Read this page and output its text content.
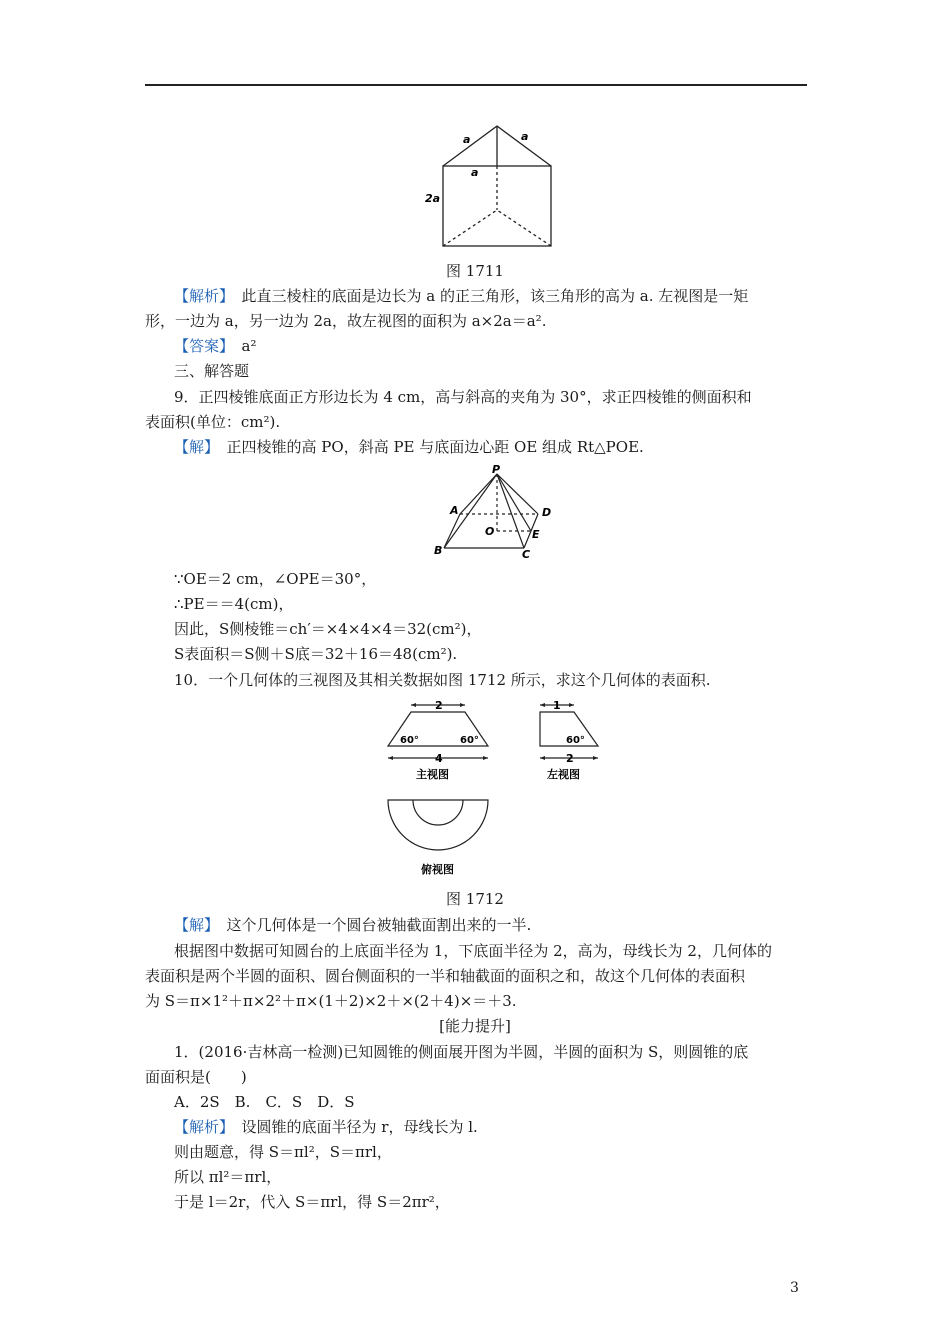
a	a
a
2a
图 1711
【解析】　 此直三棱柱的底面是边长为 a 的正三角形，该三角形的高为 a. 左视图是一矩
形，一边为 a，另一边为 2a，故左视图的面积为 a×2a＝a².
【答案】　 a²
三、解答题
9．正四棱锥底面正方形边长为 4 cm，高与斜高的夹角为 30°，求正四棱锥的侧面积和
表面积(单位：cm²).
【解】　 正四棱锥的高 PO，斜高 PE 与底面边心距 OE 组成 Rt△POE.
P
A	D
O	E
B	C
∵OE＝2 cm，∠OPE＝30°，
∴PE＝＝4(cm)，
因此，S侧棱锥＝ch′＝×4×4×4＝32(cm²)，
S表面积＝S侧＋S底＝32＋16＝48(cm²).
10．一个几何体的三视图及其相关数据如图 1712 所示，求这个几何体的表面积.
2
4
60°	60°
主视图
1
2
60°
左视图
俯视图
图 1712
【解】　 这个几何体是一个圆台被轴截面割出来的一半.
根据图中数据可知圆台的上底面半径为 1，下底面半径为 2，高为，母线长为 2，几何体的
表面积是两个半圆的面积、圆台侧面积的一半和轴截面的面积之和，故这个几何体的表面积
为 S＝π×1²＋π×2²＋π×(1＋2)×2＋×(2＋4)×＝＋3.
[能力提升]
1．(2016·吉林高一检测)已知圆锥的侧面展开图为半圆，半圆的面积为 S，则圆锥的底
面面积是(　　)
A．2S　B.　C．S　D．S
【解析】　 设圆锥的底面半径为 r，母线长为 l.
则由题意，得 S＝πl²，S＝πrl，
所以 πl²＝πrl，
于是 l＝2r，代入 S＝πrl，得 S＝2πr²，
3
